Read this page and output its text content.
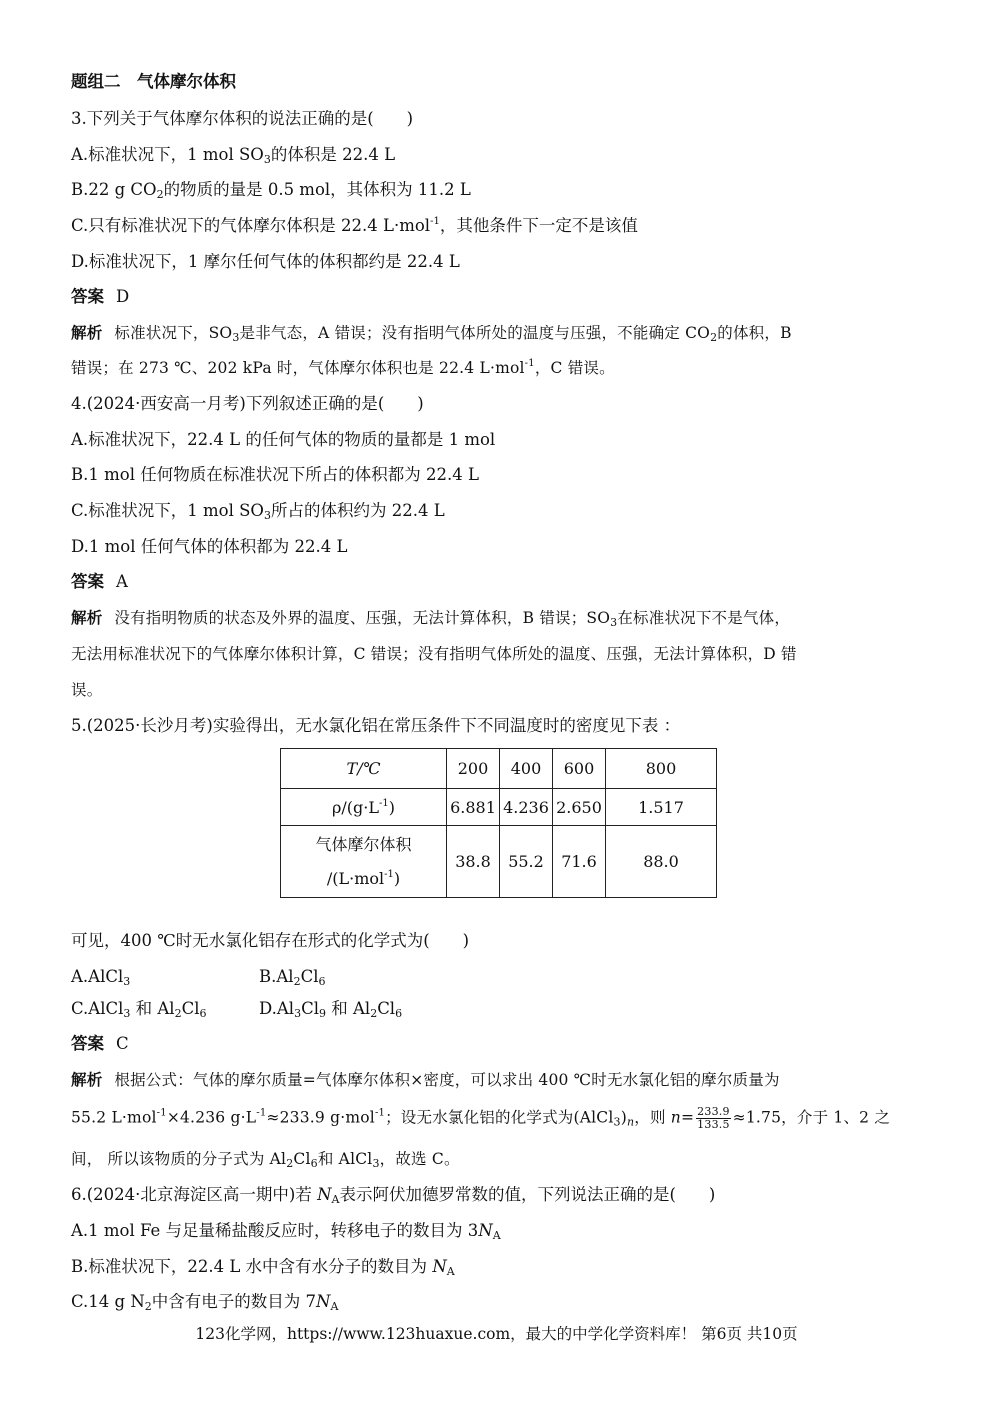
题组二　气体摩尔体积
3.下列关于气体摩尔体积的说法正确的是(　　)
A.标准状况下，1 mol $SO_3$的体积是 22.4 L
B.22 g $CO_2$的物质的量是 0.5 mol，其体积为 11.2 L
C.只有标准状况下的气体摩尔体积是 22.4 L·mol$^{-1}$，其他条件下一定不是该值
D.标准状况下，1 摩尔任何气体的体积都约是 22.4 L
答案 D
解析 标准状况下，$SO_3$是非气态，A 错误；没有指明气体所处的温度与压强，不能确定 $CO_2$的体积，B
错误；在 273 ℃、202 kPa 时，气体摩尔体积也是 22.4 L·mol$^{-1}$，C 错误。
4.(2024·西安高一月考)下列叙述正确的是(　　)
A.标准状况下，22.4 L 的任何气体的物质的量都是 1 mol
B.1 mol 任何物质在标准状况下所占的体积都为 22.4 L
C.标准状况下，1 mol $SO_3$所占的体积约为 22.4 L
D.1 mol 任何气体的体积都为 22.4 L
答案 A
解析 没有指明物质的状态及外界的温度、压强，无法计算体积，B 错误；$SO_3$在标准状况下不是气体，
无法用标准状况下的气体摩尔体积计算，C 错误；没有指明气体所处的温度、压强，无法计算体积，D 错
误。
5.(2025·长沙月考)实验得出，无水氯化铝在常压条件下不同温度时的密度见下表 ：
T/℃	200	400	600	800
$\rho/(g\cdot L^{-1})$	6.881	4.236	2.650	1.517

气体摩尔体积
/(L·mol$^{-1}$)	38.8	55.2	71.6	88.0
可见，400 ℃时无水氯化铝存在形式的化学式为(　　)
A.AlCl$_3$	$B.Al_2Cl_6$
C.AlCl$_3$ 和 $Al_2Cl_6$	$D.Al_3Cl_9$ 和 $Al_2Cl_6$
答案 C
解析 根据公式：气体的摩尔质量=气体摩尔体积×密度，可以求出 400 ℃时无水氯化铝的摩尔质量为
55.2 L·mol$^{-1}$×4.236 $g\cdot L^{-1}\approx 233.9$ g·mol$^{-1}$；设无水氯化铝的化学式为$(AlCl_3)_n$，则 $n= \frac{233.9}{133.5} \approx 1.75$，介于 1、2 之
间， 所以该物质的分子式为 $Al_2Cl_6$和 AlCl$_3$，故选 C。
6.(2024·北京海淀区高一期中)若 $N_A$表示阿伏加德罗常数的值，下列说法正确的是(　　)
A.1 mol Fe 与足量稀盐酸反应时，转移电子的数目为 $3N_A$
B.标准状况下，22.4 L 水中含有水分子的数目为 $N_A$
C.14 g $N_2$中含有电子的数目为 $7N_A$
123化学网，https://www.123huaxue.com，最大的中学化学资料库！ 第6页 共10页
